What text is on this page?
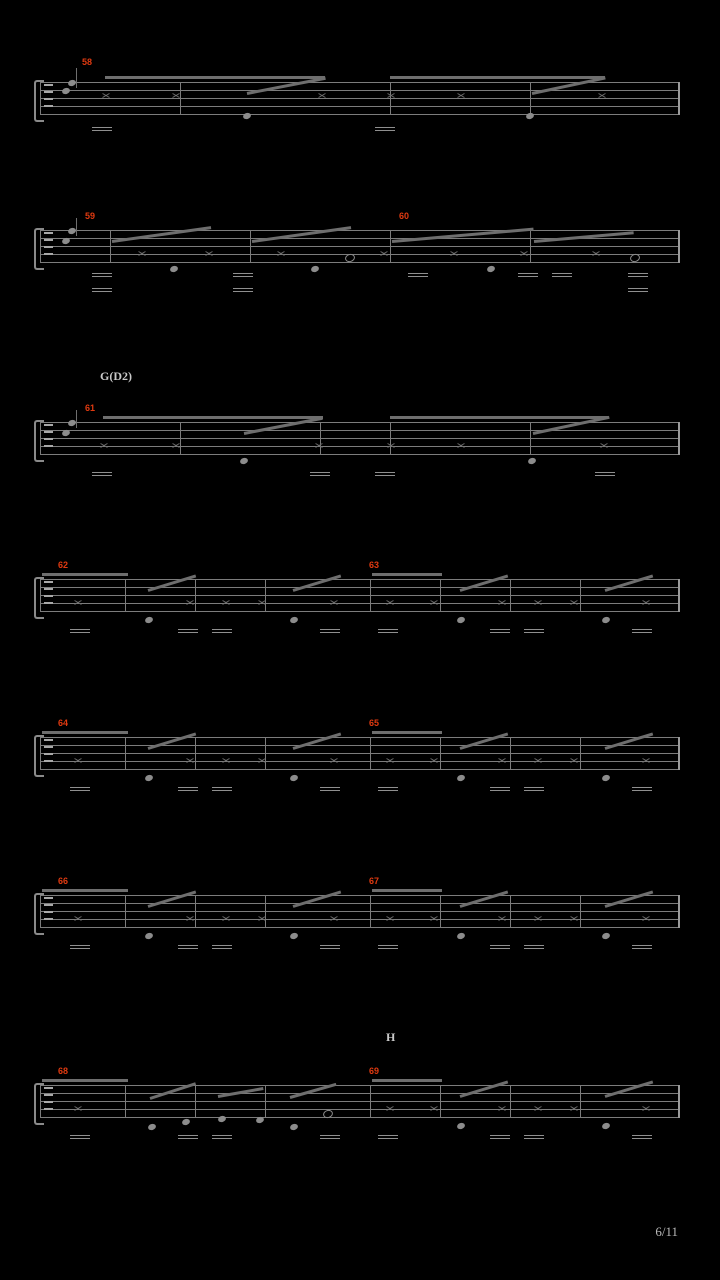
58
59	60
G(D2)
61
62	63
64	65
66	67
H
68	69
6/11
